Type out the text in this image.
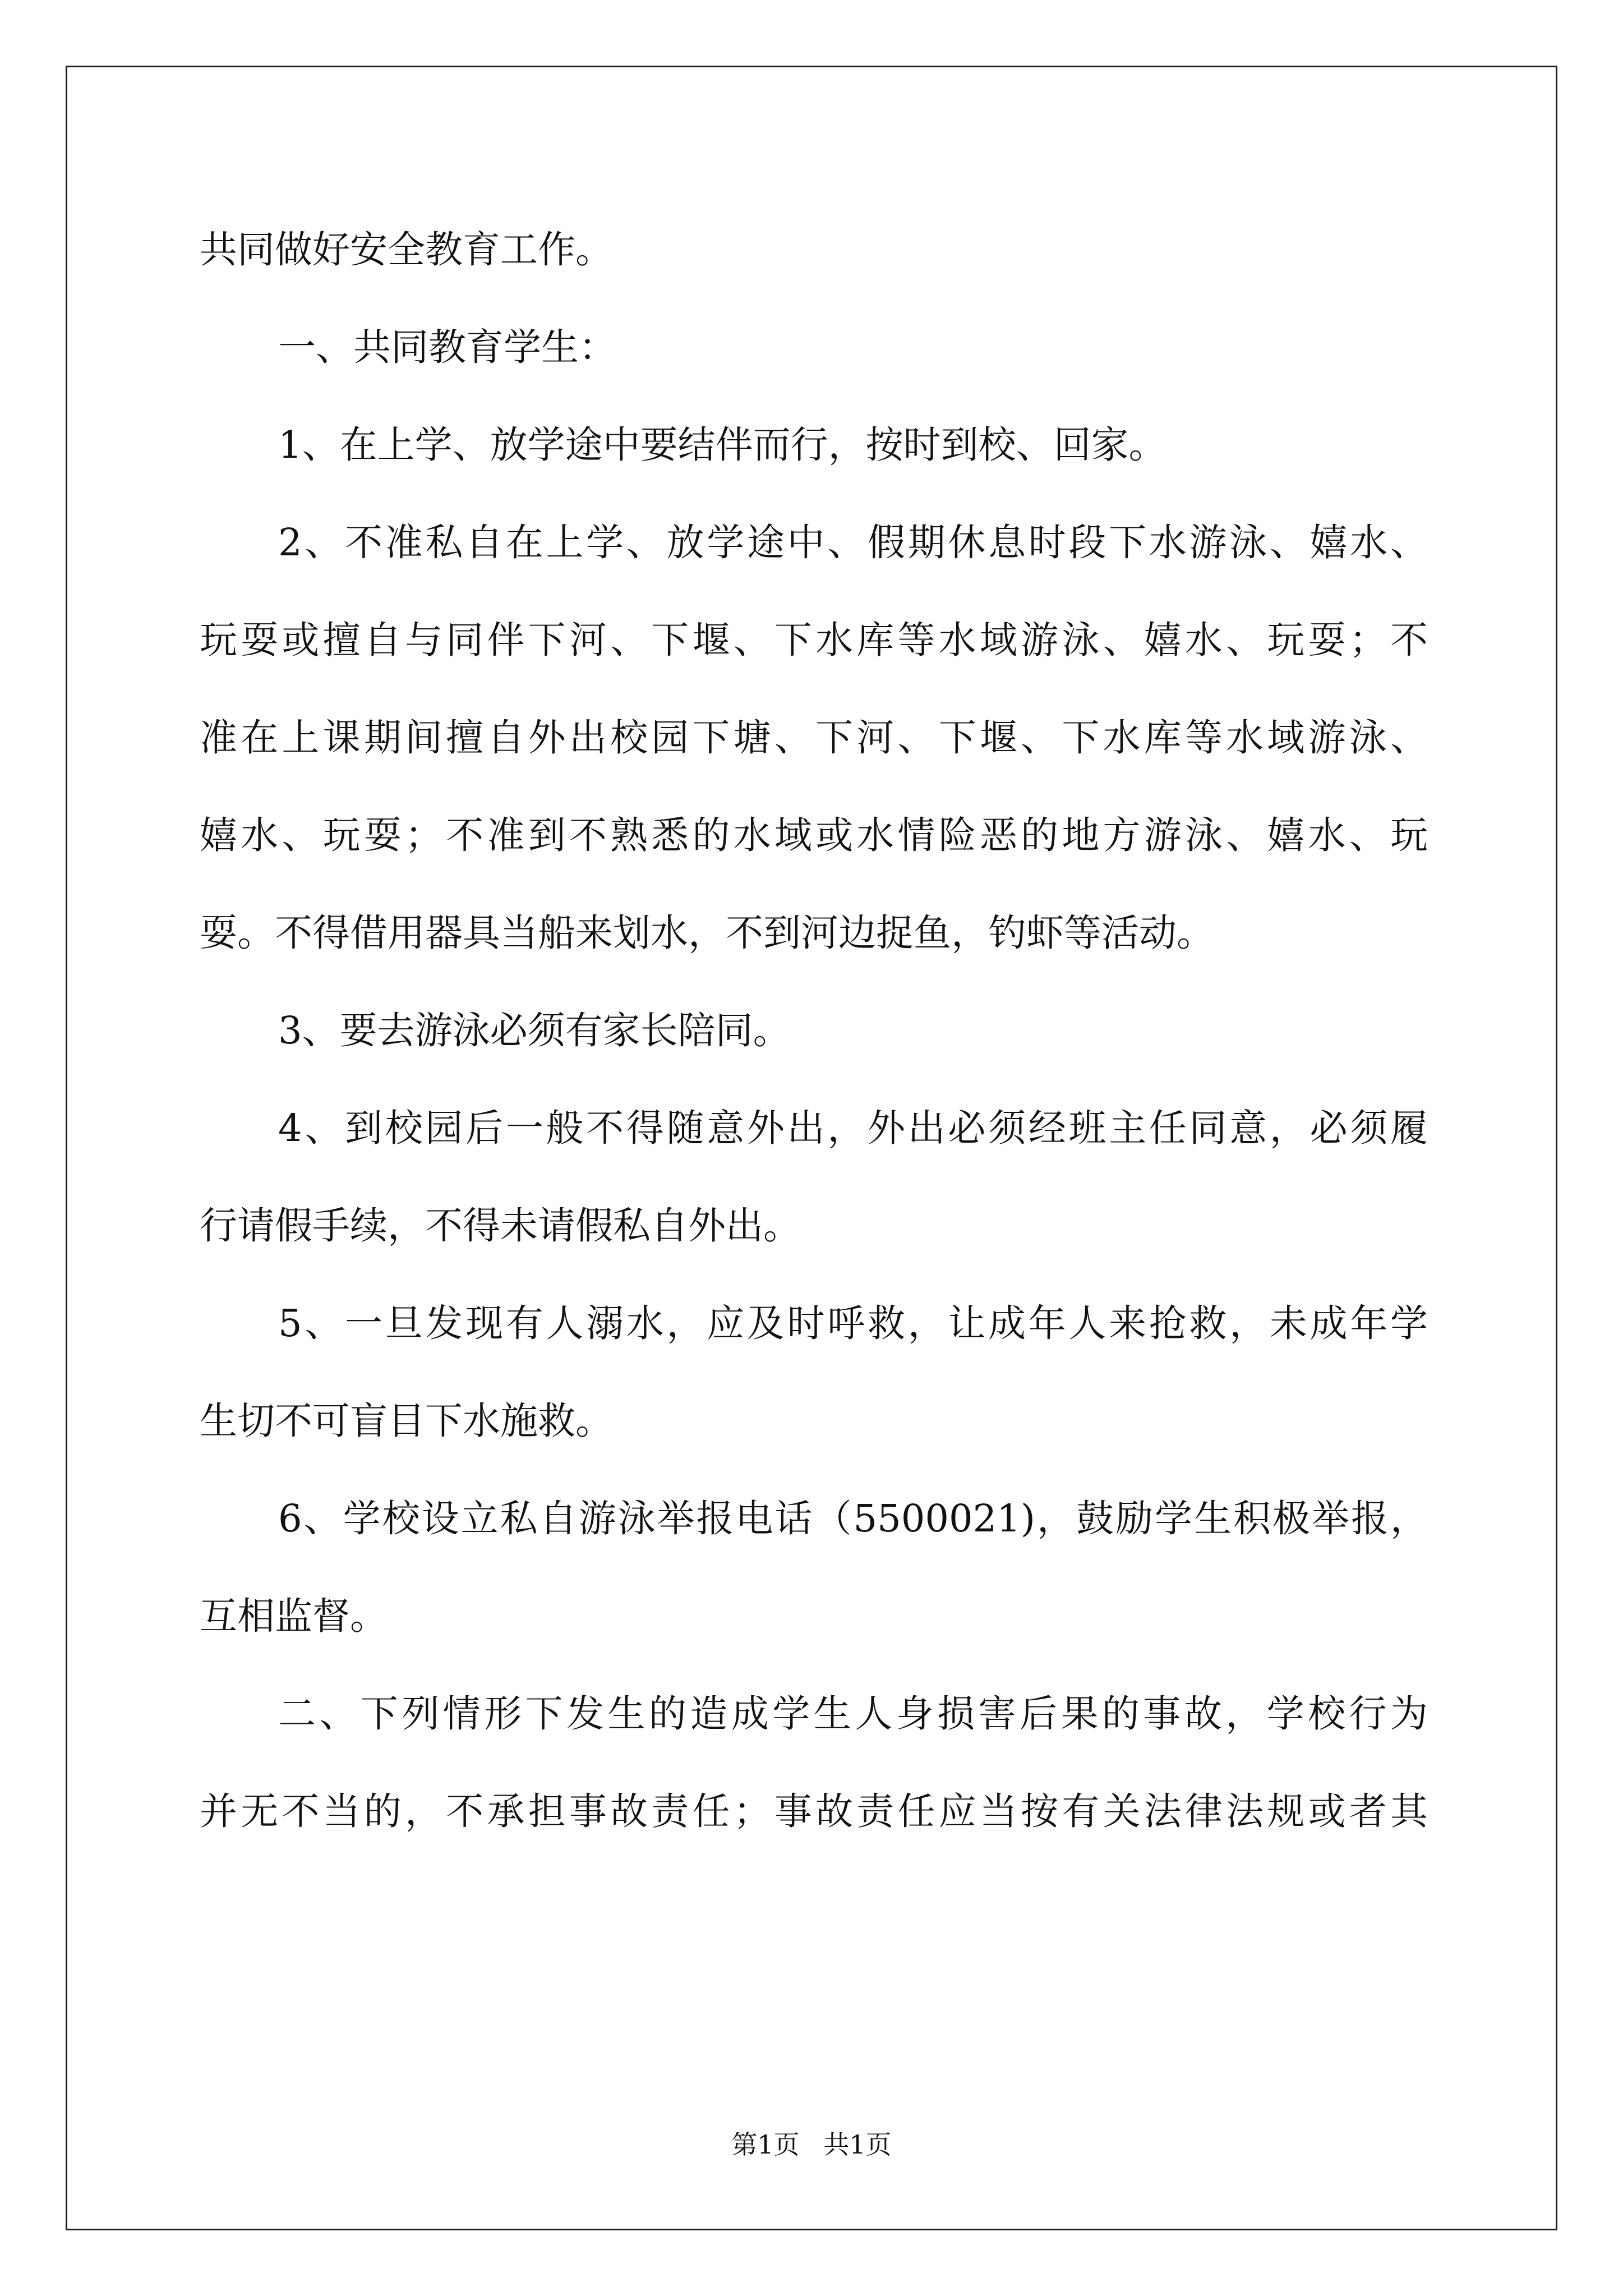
共同做好安全教育工作。
一、共同教育学生：
1、在上学、放学途中要结伴而行，按时到校、回家。
2、不准私自在上学、放学途中、假期休息时段下水游泳、嬉水、
玩耍或擅自与同伴下河、下堰、下水库等水域游泳、嬉水、玩耍；不
准在上课期间擅自外出校园下塘、下河、下堰、下水库等水域游泳、
嬉水、玩耍；不准到不熟悉的水域或水情险恶的地方游泳、嬉水、玩
耍。不得借用器具当船来划水，不到河边捉鱼，钓虾等活动。
3、要去游泳必须有家长陪同。
4、到校园后一般不得随意外出，外出必须经班主任同意，必须履
行请假手续，不得未请假私自外出。
5、一旦发现有人溺水，应及时呼救，让成年人来抢救，未成年学
生切不可盲目下水施救。
6、学校设立私自游泳举报电话（5500021)，鼓励学生积极举报，
互相监督。
二、下列情形下发生的造成学生人身损害后果的事故，学校行为
并无不当的，不承担事故责任；事故责任应当按有关法律法规或者其
第1页 共1页
